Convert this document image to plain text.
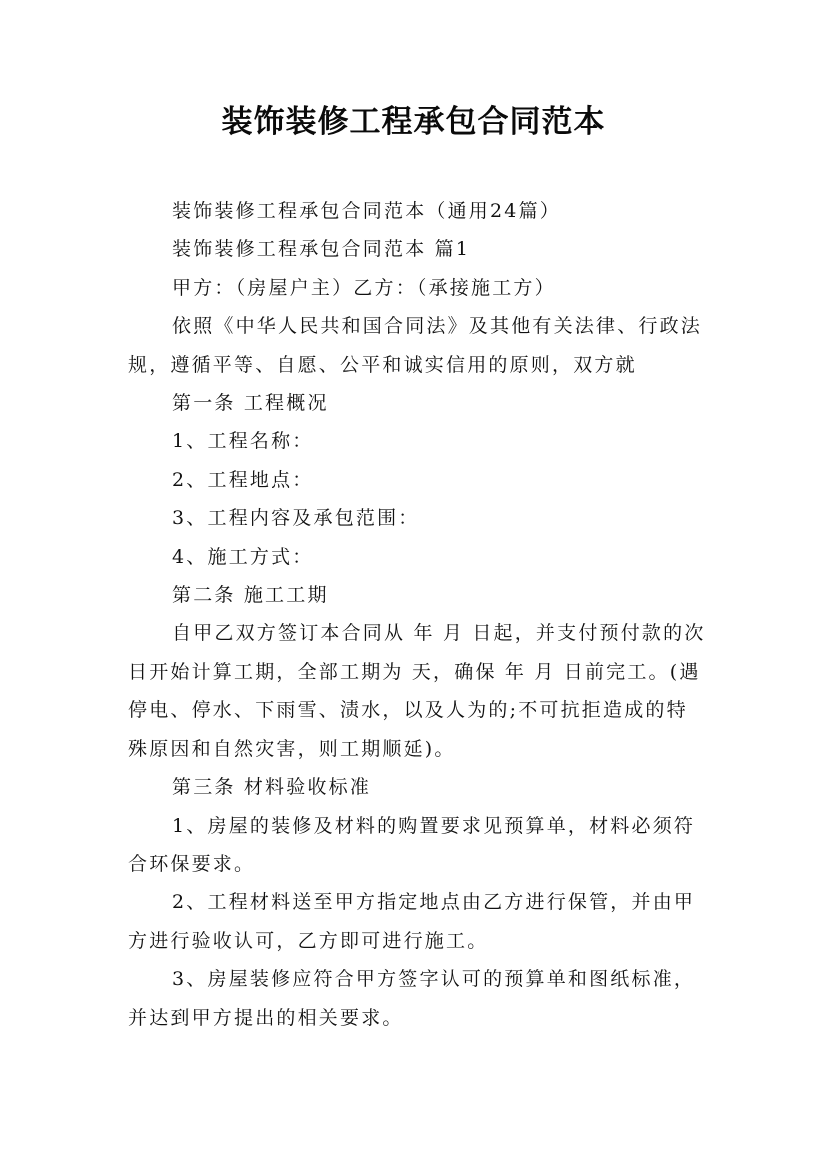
装饰装修工程承包合同范本

装饰装修工程承包合同范本（通用24篇）

装饰装修工程承包合同范本 篇1

甲方：（房屋户主）乙方：（承接施工方）

依照《中华人民共和国合同法》及其他有关法律、行政法规，遵循平等、自愿、公平和诚实信用的原则，双方就

第一条 工程概况

1、工程名称：

2、工程地点：

3、工程内容及承包范围：

4、施工方式：

第二条 施工工期

自甲乙双方签订本合同从 年 月 日起，并支付预付款的次日开始计算工期，全部工期为 天，确保 年 月 日前完工。(遇停电、停水、下雨雪、渍水，以及人为的;不可抗拒造成的特殊原因和自然灾害，则工期顺延)。

第三条 材料验收标准

1、房屋的装修及材料的购置要求见预算单，材料必须符合环保要求。

2、工程材料送至甲方指定地点由乙方进行保管，并由甲方进行验收认可，乙方即可进行施工。

3、房屋装修应符合甲方签字认可的预算单和图纸标准，并达到甲方提出的相关要求。
